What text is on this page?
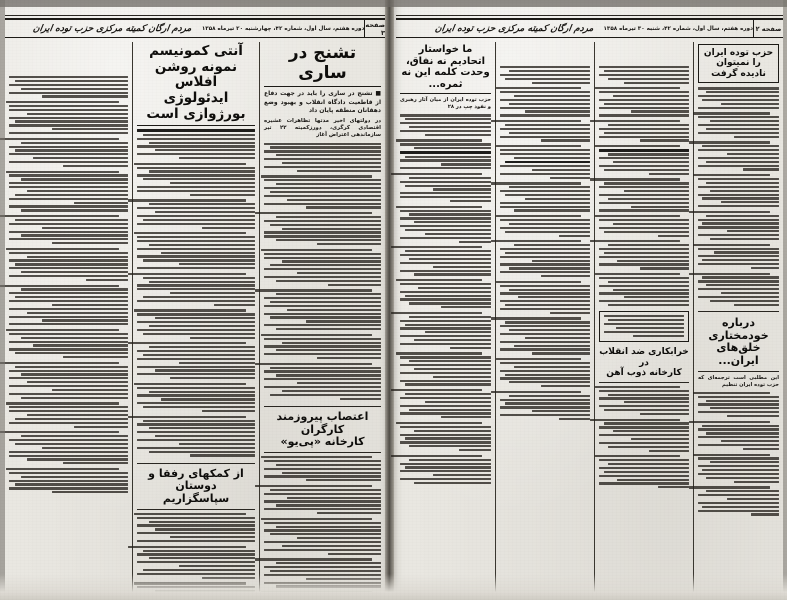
صفحه ۳
دوره هفتم، سال اول، شماره ۴۲، چهارشنبه ۲۰ تیرماه ۱۳۵۸
مردم ارگان کمیته مرکزی حزب توده ایران
تشنج در ساری
■ تشنج در ساری را باید در جهت دفاع از قاطعیت دادگاه انقلاب و بهبود وضع دهقانان منطقه پایان داد
در دولتهای اخیر مدتها تظاهرات عشیره اقتصادی کرگری، دورزکمیته ۲۲ تیر سازماندهی اعتراض آغاز
اعتصاب پیروزمند کارگران
کارخانه «پی‌یو»
آنتی کمونیسم نمونه روشن افلاس
ایدئولوژی بورژوازی است
از کمکهای رفقا و دوستان
سپاسگزاریم
صفحه ۲
دوره هفتم، سال اول، شماره ۴۲، شنبه ۳۰ تیرماه ۱۳۵۸
مردم ارگان کمیته مرکزی حزب توده ایران
حزب توده ایران
را نمیتوان نادیده گرفت
درباره خودمختاری
خلق‌های ایران...
این مطلبی است ترجمه‌ای که حزب توده ایران تنظیم
خرابکاری ضد انقلاب در
کارخانه ذوب آهن
ما خواستار اتحادیم نه نفاق، وحدت کلمه این نه ثمره...
حزب توده ایران از میان آثار رهبری و نفوذ چپ در ۲۸
